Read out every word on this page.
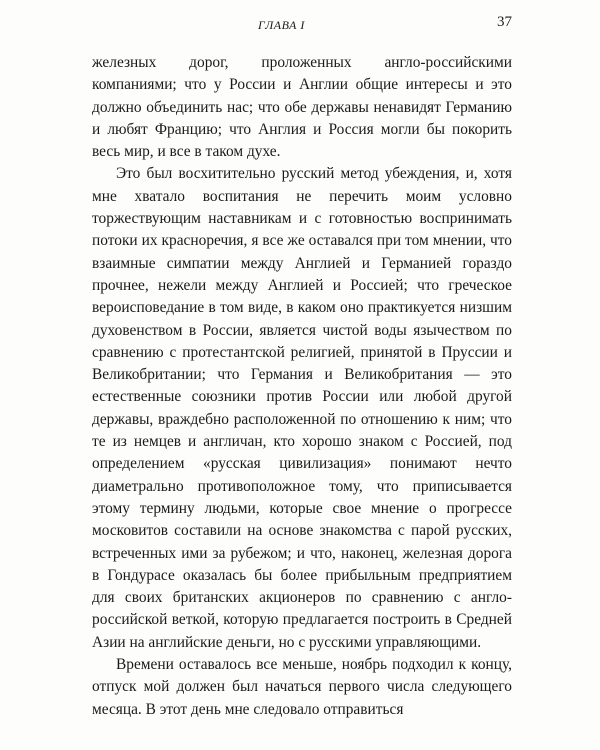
ГЛАВА I	37

железных дорог, проложенных англо-российскими компаниями; что у России и Англии общие интересы и это должно объединить нас; что обе державы ненавидят Германию и любят Францию; что Англия и Россия могли бы покорить весь мир, и все в таком духе.

Это был восхитительно русский метод убеждения, и, хотя мне хватало воспитания не перечить моим условно торжествующим наставникам и с готовностью воспринимать потоки их красноречия, я все же оставался при том мнении, что взаимные симпатии между Англией и Германией гораздо прочнее, нежели между Англией и Россией; что греческое вероисповедание в том виде, в каком оно практикуется низшим духовенством в России, является чистой воды язычеством по сравнению с протестантской религией, принятой в Пруссии и Великобритании; что Германия и Великобритания — это естественные союзники против России или любой другой державы, враждебно расположенной по отношению к ним; что те из немцев и англичан, кто хорошо знаком с Россией, под определением «русская цивилизация» понимают нечто диаметрально противоположное тому, что приписывается этому термину людьми, которые свое мнение о прогрессе московитов составили на основе знакомства с парой русских, встреченных ими за рубежом; и что, наконец, железная дорога в Гондурасе оказалась бы более прибыльным предприятием для своих британских акционеров по сравнению с англо-российской веткой, которую предлагается построить в Средней Азии на английские деньги, но с русскими управляющими.

Времени оставалось все меньше, ноябрь подходил к концу, отпуск мой должен был начаться первого числа следующего месяца. В этот день мне следовало отправиться
